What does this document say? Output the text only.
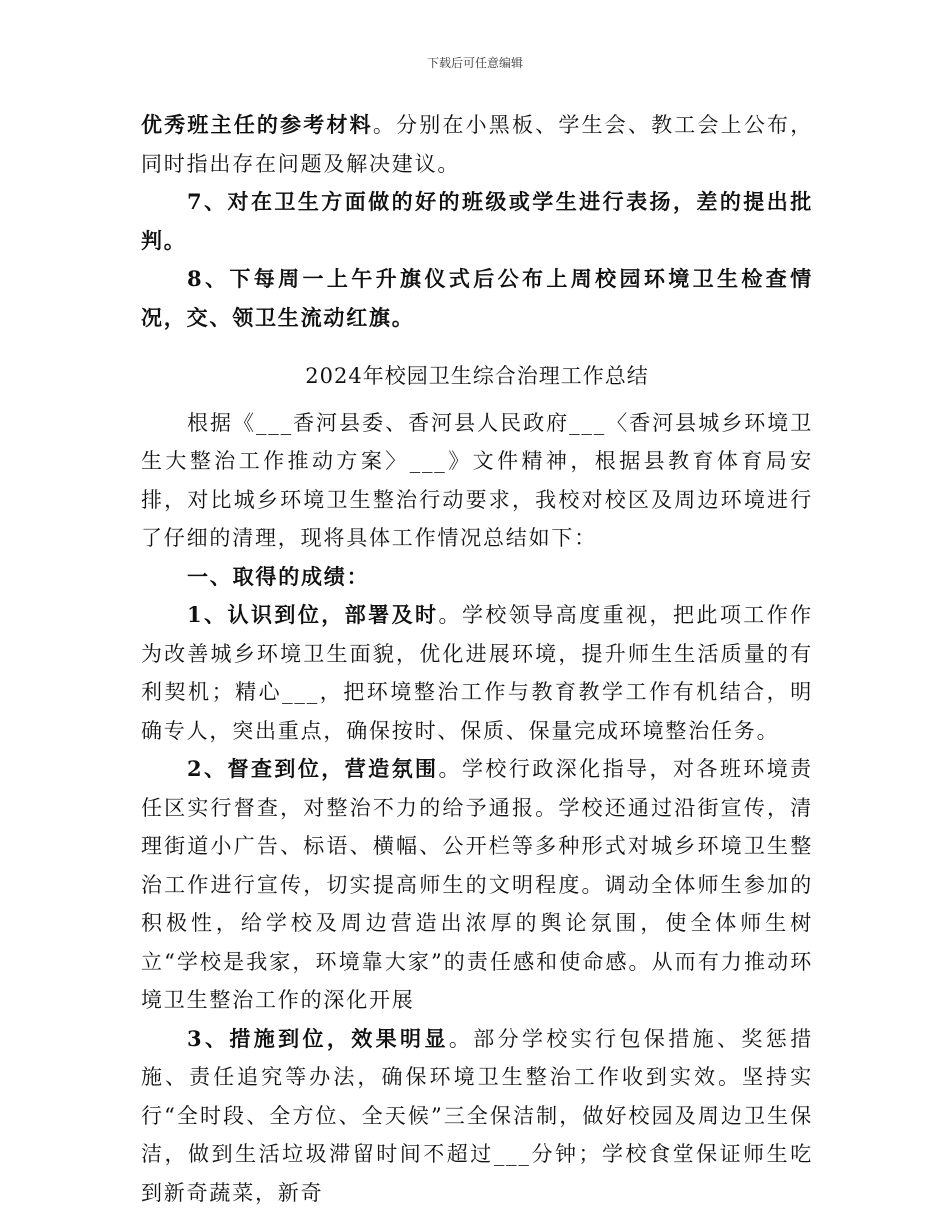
下载后可任意编辑

优秀班主任的参考材料。分别在小黑板、学生会、教工会上公布，同时指出存在问题及解决建议。

7、对在卫生方面做的好的班级或学生进行表扬，差的提出批判。

8、下每周一上午升旗仪式后公布上周校园环境卫生检查情况，交、领卫生流动红旗。

2024年校园卫生综合治理工作总结

根据《___香河县委、香河县人民政府___〈香河县城乡环境卫生大整治工作推动方案〉___》文件精神，根据县教育体育局安排，对比城乡环境卫生整治行动要求，我校对校区及周边环境进行了仔细的清理，现将具体工作情况总结如下：

一、取得的成绩：

1、认识到位，部署及时。学校领导高度重视，把此项工作作为改善城乡环境卫生面貌，优化进展环境，提升师生生活质量的有利契机；精心___，把环境整治工作与教育教学工作有机结合，明确专人，突出重点，确保按时、保质、保量完成环境整治任务。

2、督查到位，营造氛围。学校行政深化指导，对各班环境责任区实行督查，对整治不力的给予通报。学校还通过沿街宣传，清理街道小广告、标语、横幅、公开栏等多种形式对城乡环境卫生整治工作进行宣传，切实提高师生的文明程度。调动全体师生参加的积极性，给学校及周边营造出浓厚的舆论氛围，使全体师生树立“学校是我家，环境靠大家”的责任感和使命感。从而有力推动环境卫生整治工作的深化开展

3、措施到位，效果明显。部分学校实行包保措施、奖惩措施、责任追究等办法，确保环境卫生整治工作收到实效。坚持实行“全时段、全方位、全天候”三全保洁制，做好校园及周边卫生保洁，做到生活垃圾滞留时间不超过___分钟；学校食堂保证师生吃到新奇蔬菜，新奇
